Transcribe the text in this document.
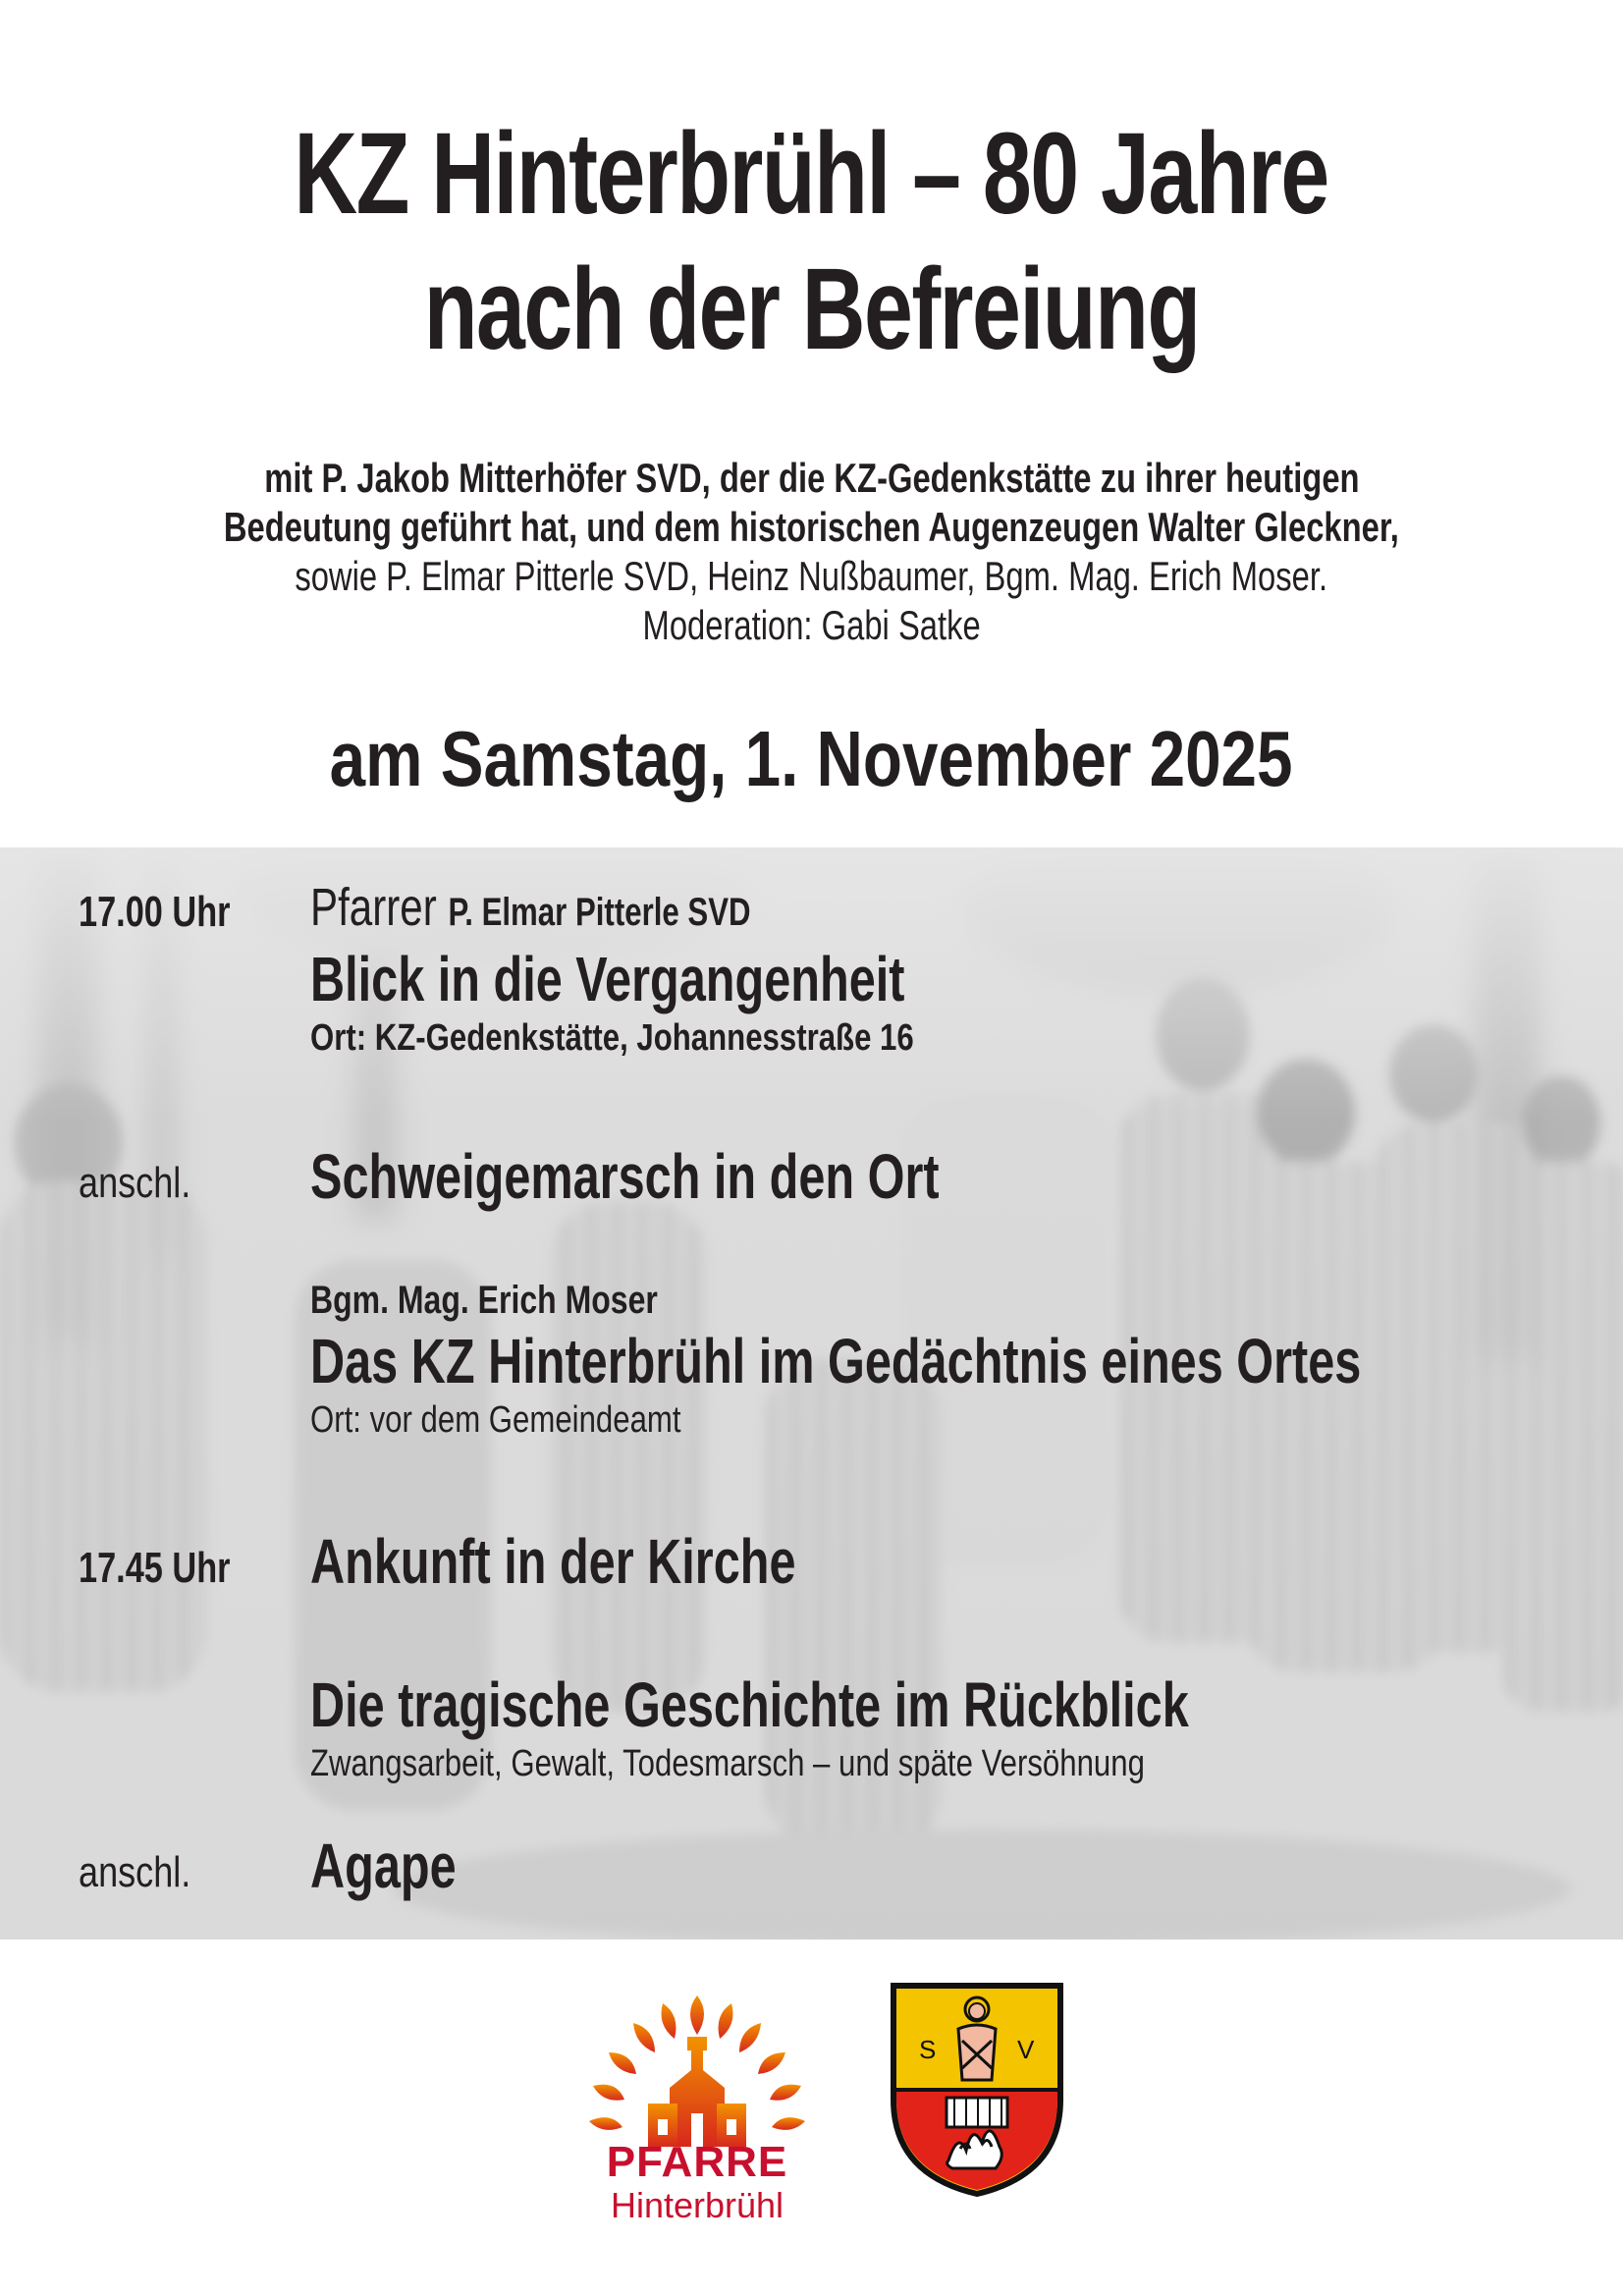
KZ Hinterbrühl – 80 Jahre
nach der Befreiung
mit P. Jakob Mitterhöfer SVD, der die KZ-Gedenkstätte zu ihrer heutigen
Bedeutung geführt hat, und dem historischen Augenzeugen Walter Gleckner,
sowie P. Elmar Pitterle SVD, Heinz Nußbaumer, Bgm. Mag. Erich Moser.
Moderation: Gabi Satke
am Samstag, 1. November 2025
17.00 Uhr Pfarrer P. Elmar Pitterle SVD
Blick in die Vergangenheit
Ort: KZ-Gedenkstätte, Johannesstraße 16
anschl. Schweigemarsch in den Ort
Bgm. Mag. Erich Moser
Das KZ Hinterbrühl im Gedächtnis eines Ortes
Ort: vor dem Gemeindeamt
17.45 Uhr Ankunft in der Kirche
Die tragische Geschichte im Rückblick
Zwangsarbeit, Gewalt, Todesmarsch – und späte Versöhnung
anschl. Agape
PFARRE
Hinterbrühl
S	V
